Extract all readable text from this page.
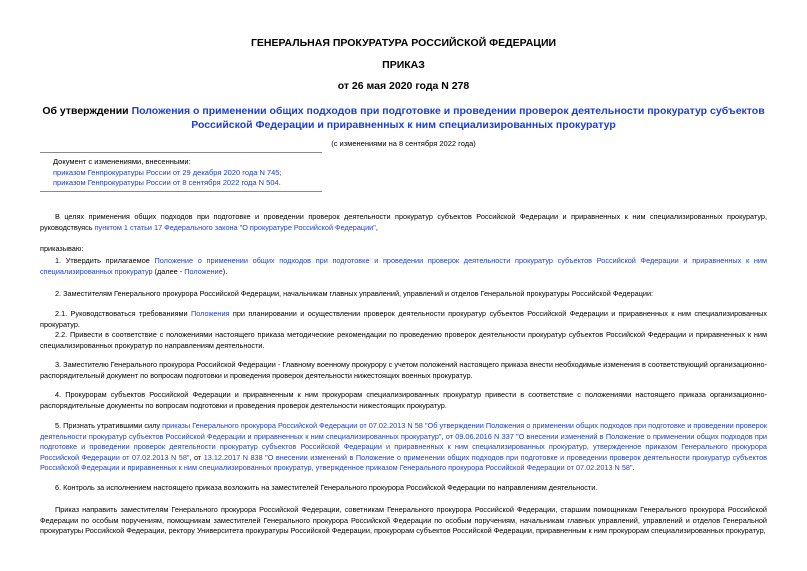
ГЕНЕРАЛЬНАЯ ПРОКУРАТУРА РОССИЙСКОЙ ФЕДЕРАЦИИ
ПРИКАЗ
от 26 мая 2020 года N 278
Об утверждении Положения о применении общих подходов при подготовке и проведении проверок деятельности прокуратур субъектов Российской Федерации и приравненных к ним специализированных прокуратур
(с изменениями на 8 сентября 2022 года)
Документ с изменениями, внесенными:
приказом Генпрокуратуры России от 29 декабря 2020 года N 745;
приказом Генпрокуратуры России от 8 сентября 2022 года N 504.
В целях применения общих подходов при подготовке и проведении проверок деятельности прокуратур субъектов Российской Федерации и приравненных к ним специализированных прокуратур, руководствуясь пунктом 1 статьи 17 Федерального закона "О прокуратуре Российской Федерации",
приказываю:
1. Утвердить прилагаемое Положение о применении общих подходов при подготовке и проведении проверок деятельности прокуратур субъектов Российской Федерации и приравненных к ним специализированных прокуратур (далее - Положение).
2. Заместителям Генерального прокурора Российской Федерации, начальникам главных управлений, управлений и отделов Генеральной прокуратуры Российской Федерации:
2.1. Руководствоваться требованиями Положения при планировании и осуществлении проверок деятельности прокуратур субъектов Российской Федерации и приравненных к ним специализированных прокуратур.
2.2. Привести в соответствие с положениями настоящего приказа методические рекомендации по проведению проверок деятельности прокуратур субъектов Российской Федерации и приравненных к ним специализированных прокуратур по направлениям деятельности.
3. Заместителю Генерального прокурора Российской Федерации - Главному военному прокурору с учетом положений настоящего приказа внести необходимые изменения в соответствующий организационно-распорядительный документ по вопросам подготовки и проведения проверок деятельности нижестоящих военных прокуратур.
4. Прокурорам субъектов Российской Федерации и приравненным к ним прокурорам специализированных прокуратур привести в соответствие с положениями настоящего приказа организационно-распорядительные документы по вопросам подготовки и проведения проверок деятельности нижестоящих прокуратур.
5. Признать утратившими силу приказы Генерального прокурора Российской Федерации от 07.02.2013 N 58 "Об утверждении Положения о применении общих подходов при подготовке и проведении проверок деятельности прокуратур субъектов Российской Федерации и приравненных к ним специализированных прокуратур", от 09.06.2016 N 337 "О внесении изменений в Положение о применении общих подходов при подготовке и проведении проверок деятельности прокуратур субъектов Российской Федерации и приравненных к ним специализированных прокуратур, утвержденное приказом Генерального прокурора Российской Федерации от 07.02.2013 N 58", от 13.12.2017 N 838 "О внесении изменений в Положение о применении общих подходов при подготовке и проведении проверок деятельности прокуратур субъектов Российской Федерации и приравненных к ним специализированных прокуратур, утвержденное приказом Генерального прокурора Российской Федерации от 07.02.2013 N 58".
6. Контроль за исполнением настоящего приказа возложить на заместителей Генерального прокурора Российской Федерации по направлениям деятельности.
Приказ направить заместителям Генерального прокурора Российской Федерации, советникам Генерального прокурора Российской Федерации, старшим помощникам Генерального прокурора Российской Федерации по особым поручениям, помощникам заместителей Генерального прокурора Российской Федерации по особым поручениям, начальникам главных управлений, управлений и отделов Генеральной прокуратуры Российской Федерации, ректору Университета прокуратуры Российской Федерации, прокурорам субъектов Российской Федерации, приравненным к ним прокурорам специализированных прокуратур,
